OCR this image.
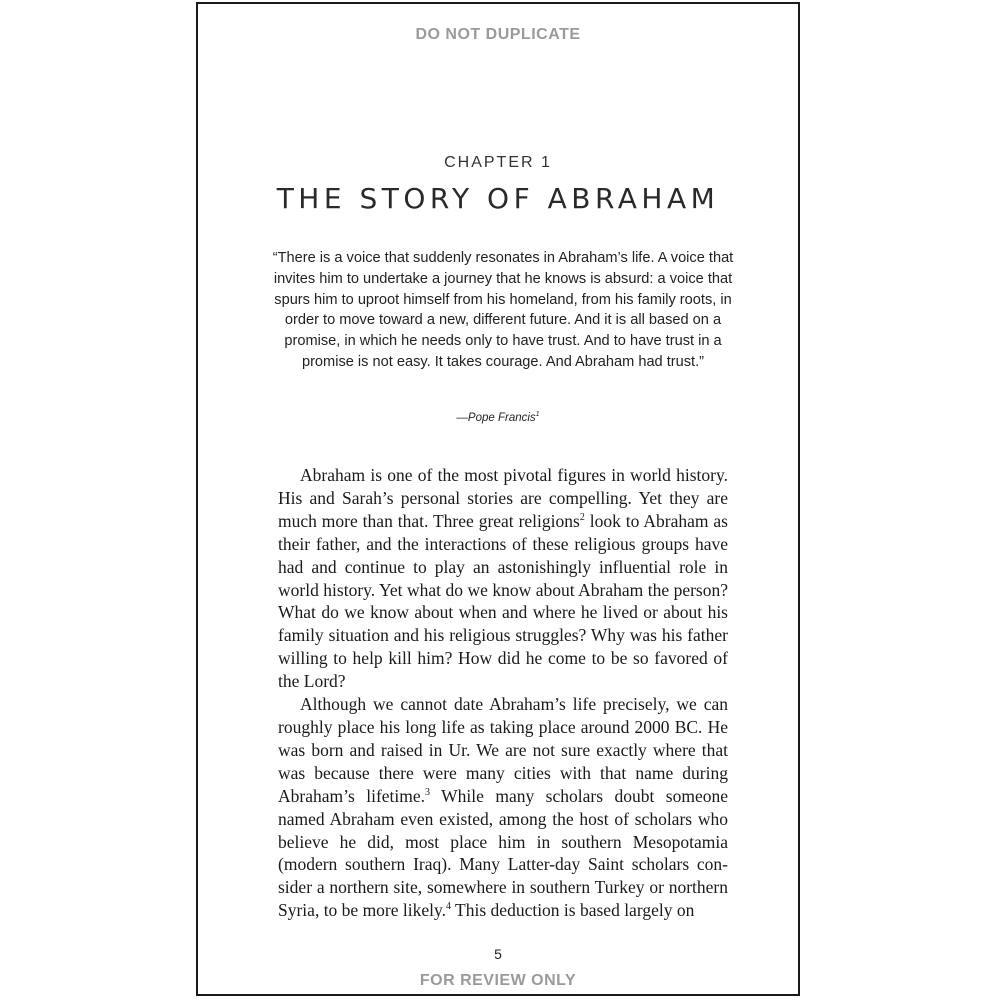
DO NOT DUPLICATE

CHAPTER 1

THE STORY OF ABRAHAM

“There is a voice that suddenly resonates in Abraham’s life. A voice that invites him to undertake a journey that he knows is absurd: a voice that spurs him to uproot himself from his homeland, from his family roots, in order to move toward a new, different future. And it is all based on a promise, in which he needs only to have trust. And to have trust in a promise is not easy. It takes courage. And Abraham had trust.”

—Pope Francis$^1$

Abraham is one of the most pivotal figures in world history. His and Sarah’s personal stories are compelling. Yet they are much more than that. Three great religions$^2$ look to Abraham as their father, and the interactions of these religious groups have had and continue to play an astonishingly influential role in world history. Yet what do we know about Abraham the person? What do we know about when and where he lived or about his family situation and his religious struggles? Why was his father willing to help kill him? How did he come to be so favored of the Lord?

Although we cannot date Abraham’s life precisely, we can roughly place his long life as taking place around 2000 BC. He was born and raised in Ur. We are not sure exactly where that was because there were many cities with that name during Abraham’s lifetime.$^3$ While many scholars doubt someone named Abraham even existed, among the host of scholars who believe he did, most place him in southern Mesopotamia (modern southern Iraq). Many Latter-day Saint scholars consider a northern site, somewhere in southern Turkey or northern Syria, to be more likely.$^4$ This deduction is based largely on

5

FOR REVIEW ONLY
